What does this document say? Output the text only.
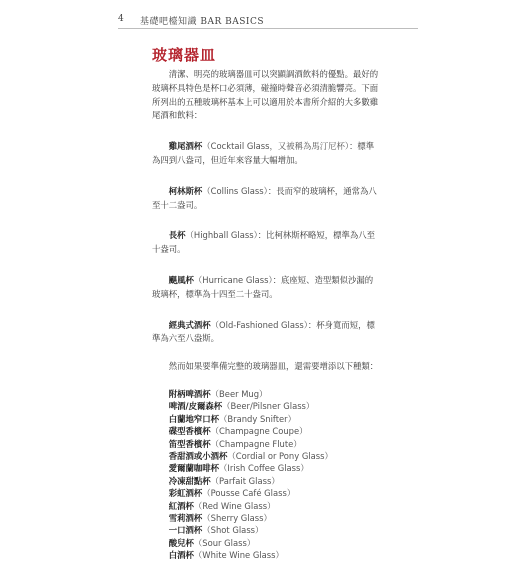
4 基礎吧檯知識 BAR BASICS
玻璃器皿

清潔、明亮的玻璃器皿可以突顯調酒飲料的優點。最好的玻璃杯具特色是杯口必須薄，碰撞時聲音必須清脆響亮。下面所列出的五種玻璃杯基本上可以適用於本書所介紹的大多數雞尾酒和飲料：

雞尾酒杯（Cocktail Glass，又被稱為馬汀尼杯）：標準為四到八盎司，但近年來容量大幅增加。

柯林斯杯（Collins Glass）：長而窄的玻璃杯，通常為八至十二盎司。

長杯（Highball Glass）：比柯林斯杯略短，標準為八至十盎司。

颶風杯（Hurricane Glass）：底座短、造型類似沙漏的玻璃杯，標準為十四至二十盎司。

經典式酒杯（Old-Fashioned Glass）：杯身寬而短，標準為六至八盎斯。

然而如果要準備完整的玻璃器皿，還需要增添以下種類：

附柄啤酒杯（Beer Mug）
啤酒/皮爾森杯（Beer/Pilsner Glass）
白蘭地窄口杯（Brandy Snifter）
碟型香檳杯（Champagne Coupe）
笛型香檳杯（Champagne Flute）
香甜酒或小酒杯（Cordial or Pony Glass）
愛爾蘭咖啡杯（Irish Coffee Glass）
冷凍甜點杯（Parfait Glass）
彩虹酒杯（Pousse Café Glass）
紅酒杯（Red Wine Glass）
雪莉酒杯（Sherry Glass）
一口酒杯（Shot Glass）
酸兒杯（Sour Glass）
白酒杯（White Wine Glass）
